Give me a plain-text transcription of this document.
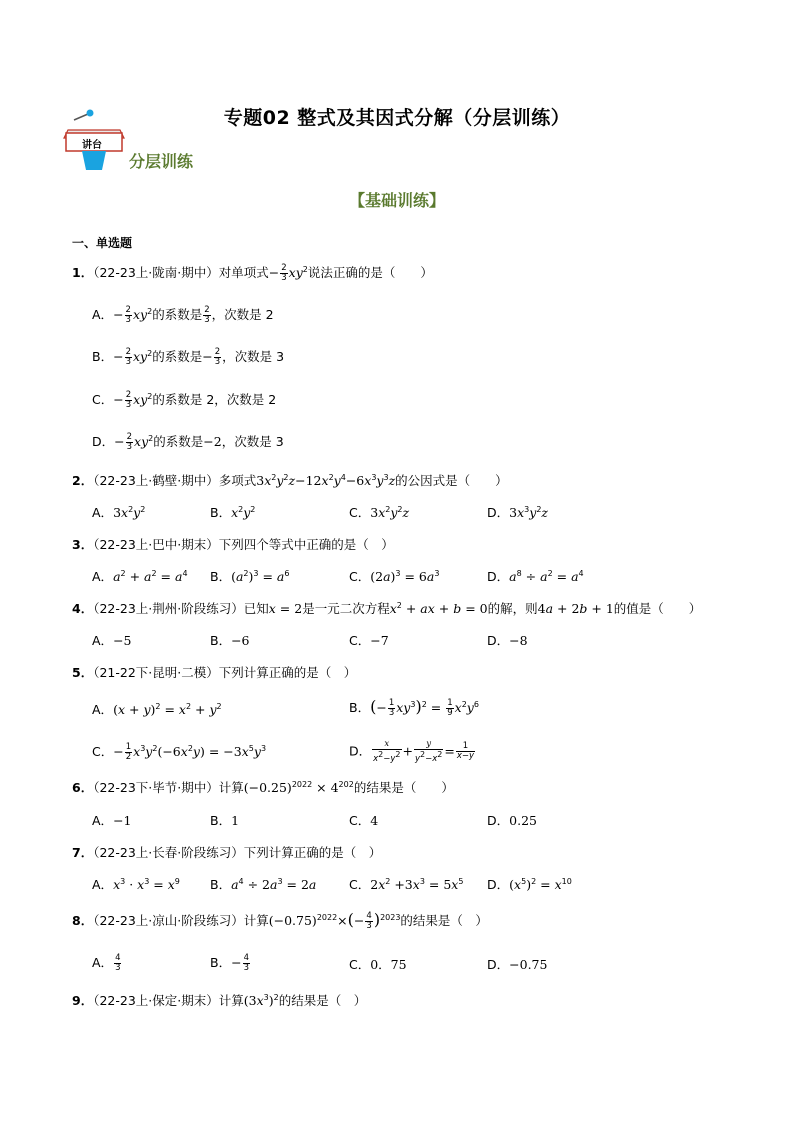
讲台
专题02 整式及其因式分解（分层训练）
分层训练
【基础训练】
一、单选题
1．（22-23上·陇南·期中）对单项式− $\frac{2}{3} xy^2$说法正确的是（　　）
A．− $\frac{2}{3} xy^2$的系数是 $\frac{2}{3}$ ，次数是 2
B．− $\frac{2}{3} xy^2$的系数是− $\frac{2}{3}$ ，次数是 3
C．− $\frac{2}{3} xy^2$的系数是 2，次数是 2
D．− $\frac{2}{3} xy^2$的系数是−2，次数是 3
2．（22-23上·鹤壁·期中）多项式$3x^2y^2z-12x^2y^4-6x^3y^3z$的公因式是（　　）
A．$3x^2y^2$	B．$x^2y^2$	C．$3x^2y^2z$	D．$3x^3y^2z$
3．（22-23上·巴中·期末）下列四个等式中正确的是（　）
A．$a^2 + a^2 = a^4$ B．$(a^2)^3 = a^6$	C．$(2a)^3 = 6a^3$	D．$a^8 \div a^2 = a^4$
4．（22-23上·荆州·阶段练习）已知x = 2是一元二次方程$x^2$ + ax + b = 0的解，则4a + 2b + 1的值是（　　）
A．−5	B．−6	C．−7	D．−8
5．（21-22下·昆明·二模）下列计算正确的是（　）
A．$(x + y)^2 = x^2 + y^2$	B．(− $\frac{1}{3} xy^3)^2 = \frac{1}{9} x^2y^6$
C．− $\frac{1}{2} x^3y^2(-6x^2y) = -3x^5y^3$	D． $\frac{x}{x^2-y^2} + \frac{y}{y^2-x^2} = \frac{1}{x-y}$
6．（22-23下·毕节·期中）计算$(-0.25)^{2022} \times 4^{202}$的结果是（　　）
A．−1	B．1	C．4	D．0.25
7．（22-23上·长春·阶段练习）下列计算正确的是（　）
A．$x^3 \cdot x^3 = x^9$ B．$a^4 \div 2a^3 = 2a$	C．$2x^2 +3x^3 = 5x^5$ D．$(x^5)^2 = x^{10}$
8．（22-23上·凉山·阶段练习）计算$(-0.75)^{2022}\times(- \frac{4}{3} )^{2023}$的结果是（　）
A． $\frac{4}{3}$	B．− $\frac{4}{3}$	C．0．75	D．−0.75
9．（22-23上·保定·期末）计算$(3x^3)^2$的结果是（　）
